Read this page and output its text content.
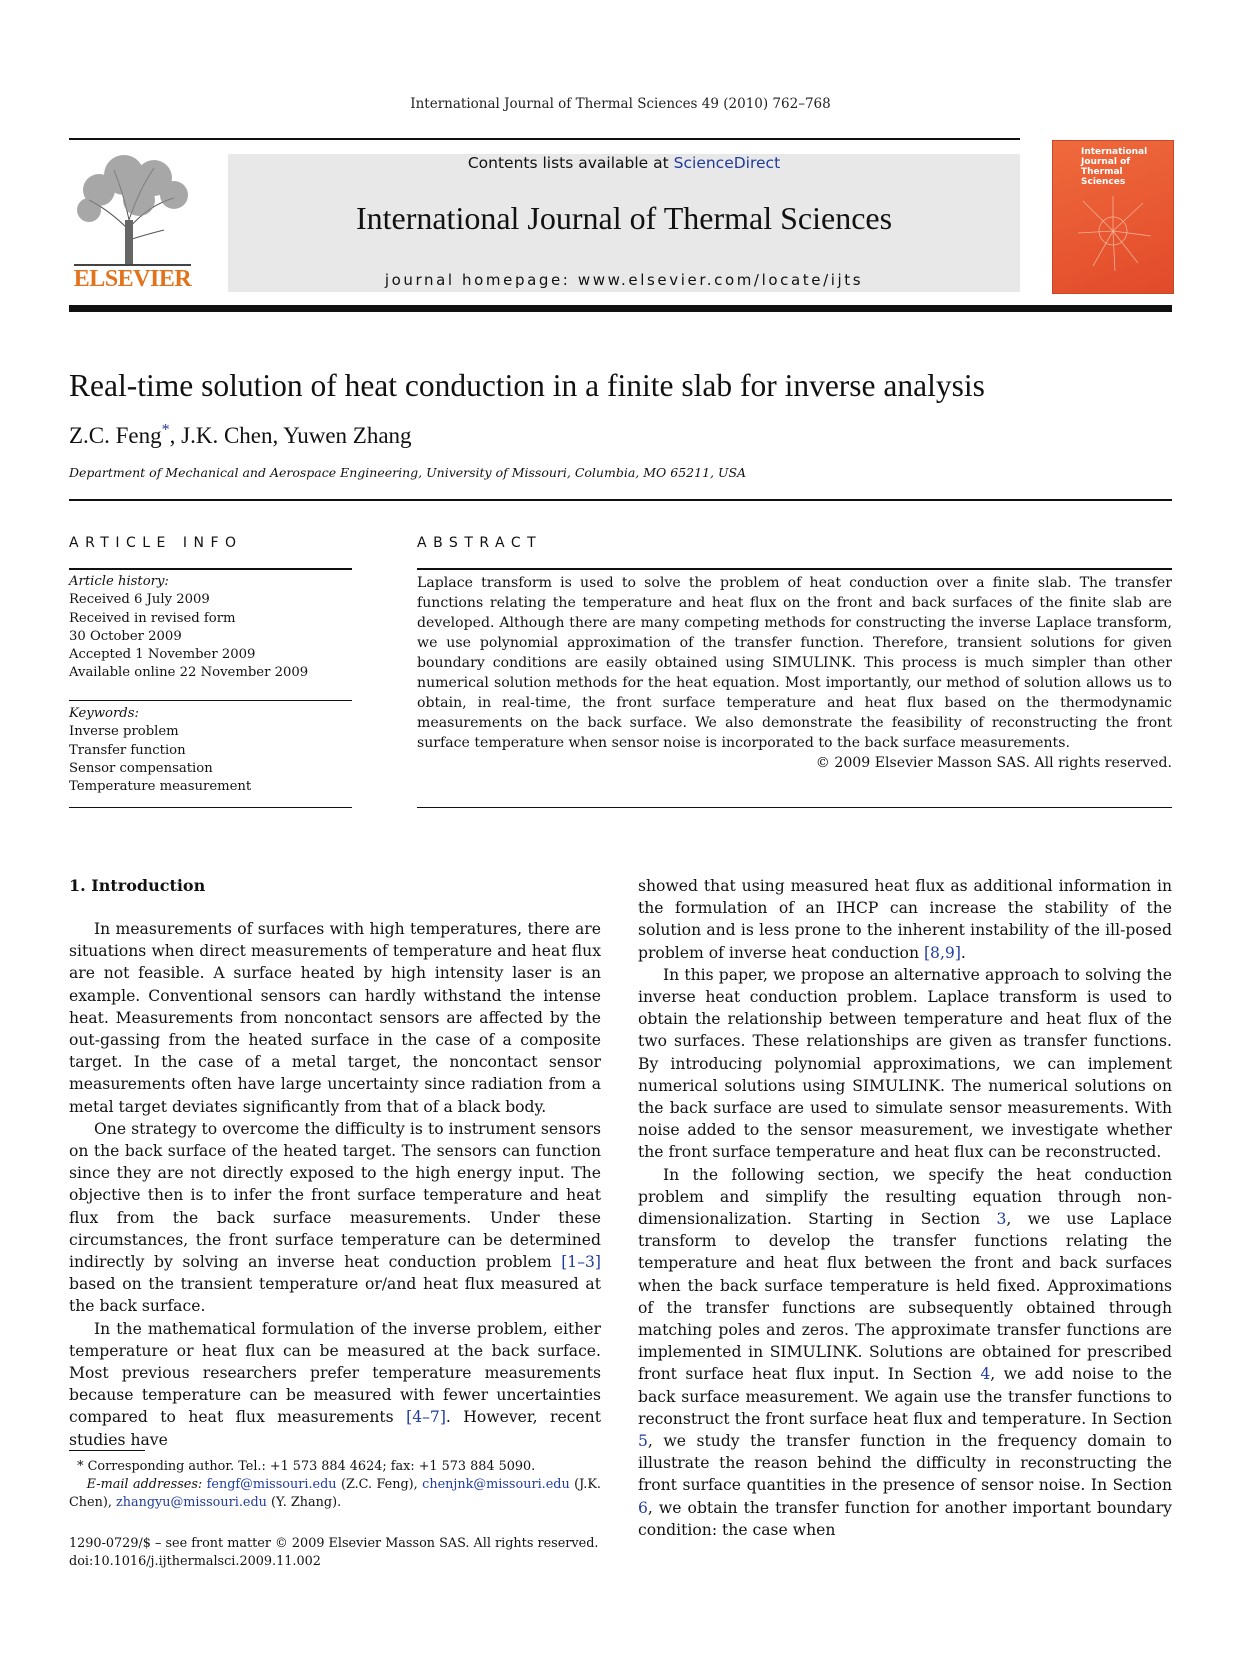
International Journal of Thermal Sciences 49 (2010) 762–768
ELSEVIER
Contents lists available at ScienceDirect
International Journal of Thermal Sciences
journal homepage: www.elsevier.com/locate/ijts
International
Journal of
Thermal
Sciences
Real-time solution of heat conduction in a finite slab for inverse analysis
Z.C. Feng*, J.K. Chen, Yuwen Zhang
Department of Mechanical and Aerospace Engineering, University of Missouri, Columbia, MO 65211, USA
ARTICLE INFO	ABSTRACT
Article history:
Received 6 July 2009
Received in revised form
30 October 2009
Accepted 1 November 2009
Available online 22 November 2009
Keywords:
Inverse problem
Transfer function
Sensor compensation
Temperature measurement
Laplace transform is used to solve the problem of heat conduction over a finite slab. The transfer functions relating the temperature and heat flux on the front and back surfaces of the finite slab are developed. Although there are many competing methods for constructing the inverse Laplace transform, we use polynomial approximation of the transfer function. Therefore, transient solutions for given boundary conditions are easily obtained using SIMULINK. This process is much simpler than other numerical solution methods for the heat equation. Most importantly, our method of solution allows us to obtain, in real-time, the front surface temperature and heat flux based on the thermodynamic measurements on the back surface. We also demonstrate the feasibility of reconstructing the front surface temperature when sensor noise is incorporated to the back surface measurements.
© 2009 Elsevier Masson SAS. All rights reserved.
1. Introduction

In measurements of surfaces with high temperatures, there are situations when direct measurements of temperature and heat flux are not feasible. A surface heated by high intensity laser is an example. Conventional sensors can hardly withstand the intense heat. Measurements from noncontact sensors are affected by the out-gassing from the heated surface in the case of a composite target. In the case of a metal target, the noncontact sensor measurements often have large uncertainty since radiation from a metal target deviates significantly from that of a black body.

One strategy to overcome the difficulty is to instrument sensors on the back surface of the heated target. The sensors can function since they are not directly exposed to the high energy input. The objective then is to infer the front surface temperature and heat flux from the back surface measurements. Under these circumstances, the front surface temperature can be determined indirectly by solving an inverse heat conduction problem [1–3] based on the transient temperature or/and heat flux measured at the back surface.

In the mathematical formulation of the inverse problem, either temperature or heat flux can be measured at the back surface. Most previous researchers prefer temperature measurements because temperature can be measured with fewer uncertainties compared to heat flux measurements [4–7]. However, recent studies have

showed that using measured heat flux as additional information in the formulation of an IHCP can increase the stability of the solution and is less prone to the inherent instability of the ill-posed problem of inverse heat conduction [8,9].

In this paper, we propose an alternative approach to solving the inverse heat conduction problem. Laplace transform is used to obtain the relationship between temperature and heat flux of the two surfaces. These relationships are given as transfer functions. By introducing polynomial approximations, we can implement numerical solutions using SIMULINK. The numerical solutions on the back surface are used to simulate sensor measurements. With noise added to the sensor measurement, we investigate whether the front surface temperature and heat flux can be reconstructed.

In the following section, we specify the heat conduction problem and simplify the resulting equation through non-dimensionalization. Starting in Section 3, we use Laplace transform to develop the transfer functions relating the temperature and heat flux between the front and back surfaces when the back surface temperature is held fixed. Approximations of the transfer functions are subsequently obtained through matching poles and zeros. The approximate transfer functions are implemented in SIMULINK. Solutions are obtained for prescribed front surface heat flux input. In Section 4, we add noise to the back surface measurement. We again use the transfer functions to reconstruct the front surface heat flux and temperature. In Section 5, we study the transfer function in the frequency domain to illustrate the reason behind the difficulty in reconstructing the front surface quantities in the presence of sensor noise. In Section 6, we obtain the transfer function for another important boundary condition: the case when

* Corresponding author. Tel.: +1 573 884 4624; fax: +1 573 884 5090.
E-mail addresses: fengf@missouri.edu (Z.C. Feng), chenjnk@missouri.edu (J.K. Chen), zhangyu@missouri.edu (Y. Zhang).
1290-0729/$ – see front matter © 2009 Elsevier Masson SAS. All rights reserved.
doi:10.1016/j.ijthermalsci.2009.11.002
